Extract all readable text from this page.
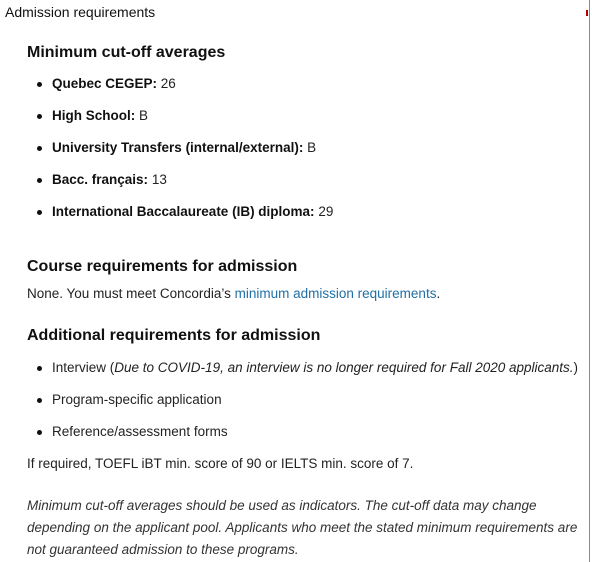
Admission requirements
Minimum cut-off averages
Quebec CEGEP: 26
High School: B
University Transfers (internal/external): B
Bacc. français: 13
International Baccalaureate (IB) diploma: 29
Course requirements for admission

None. You must meet Concordia’s minimum admission requirements.

Additional requirements for admission
Interview (Due to COVID-19, an interview is no longer required for Fall 2020 applicants.)
Program-specific application
Reference/assessment forms

If required, TOEFL iBT min. score of 90 or IELTS min. score of 7.

Minimum cut-off averages should be used as indicators. The cut-off data may change depending on the applicant pool. Applicants who meet the stated minimum requirements are not guaranteed admission to these programs.
